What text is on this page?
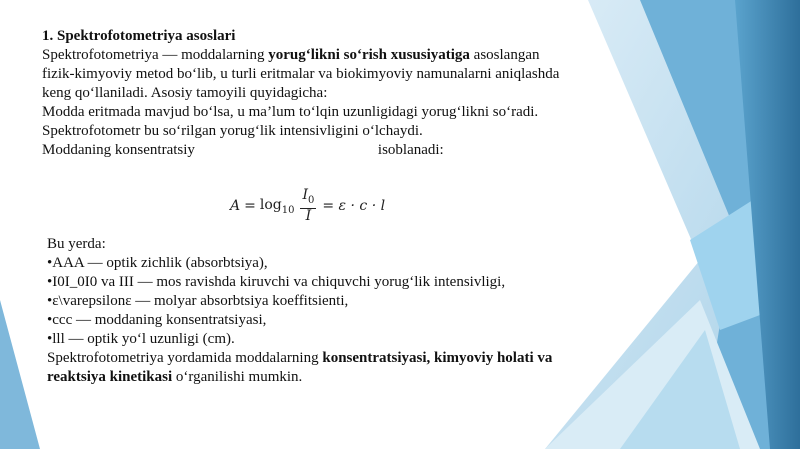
1. Spektrofotometriya asoslari

Spektrofotometriya — moddalarning yorug‘likni so‘rish xususiyatiga asoslangan fizik-kimyoviy metod bo‘lib, u turli eritmalar va biokimyoviy namunalarni aniqlashda keng qo‘llaniladi. Asosiy tamoyili quyidagicha:

Modda eritmada mavjud bo‘lsa, u ma’lum to‘lqin uzunligidagi yorug‘likni so‘radi.

Spektrofotometr bu so‘rilgan yorug‘lik intensivligini o‘lchaydi.

Moddaning konsentratsiy	isoblanadi:

$A = \log_{10} \frac{I_0}{I} = \varepsilon \cdot c \cdot l$

Bu yerda:

•AAA — optik zichlik (absorbtsiya),

•I0I_0I0 va III — mos ravishda kiruvchi va chiquvchi yorug‘lik intensivligi,

•ε\varepsilonε — molyar absorbtsiya koeffitsienti,

•ccc — moddaning konsentratsiyasi,

•lll — optik yo‘l uzunligi (cm).

Spektrofotometriya yordamida moddalarning konsentratsiyasi, kimyoviy holati va reaktsiya kinetikasi o‘rganilishi mumkin.
